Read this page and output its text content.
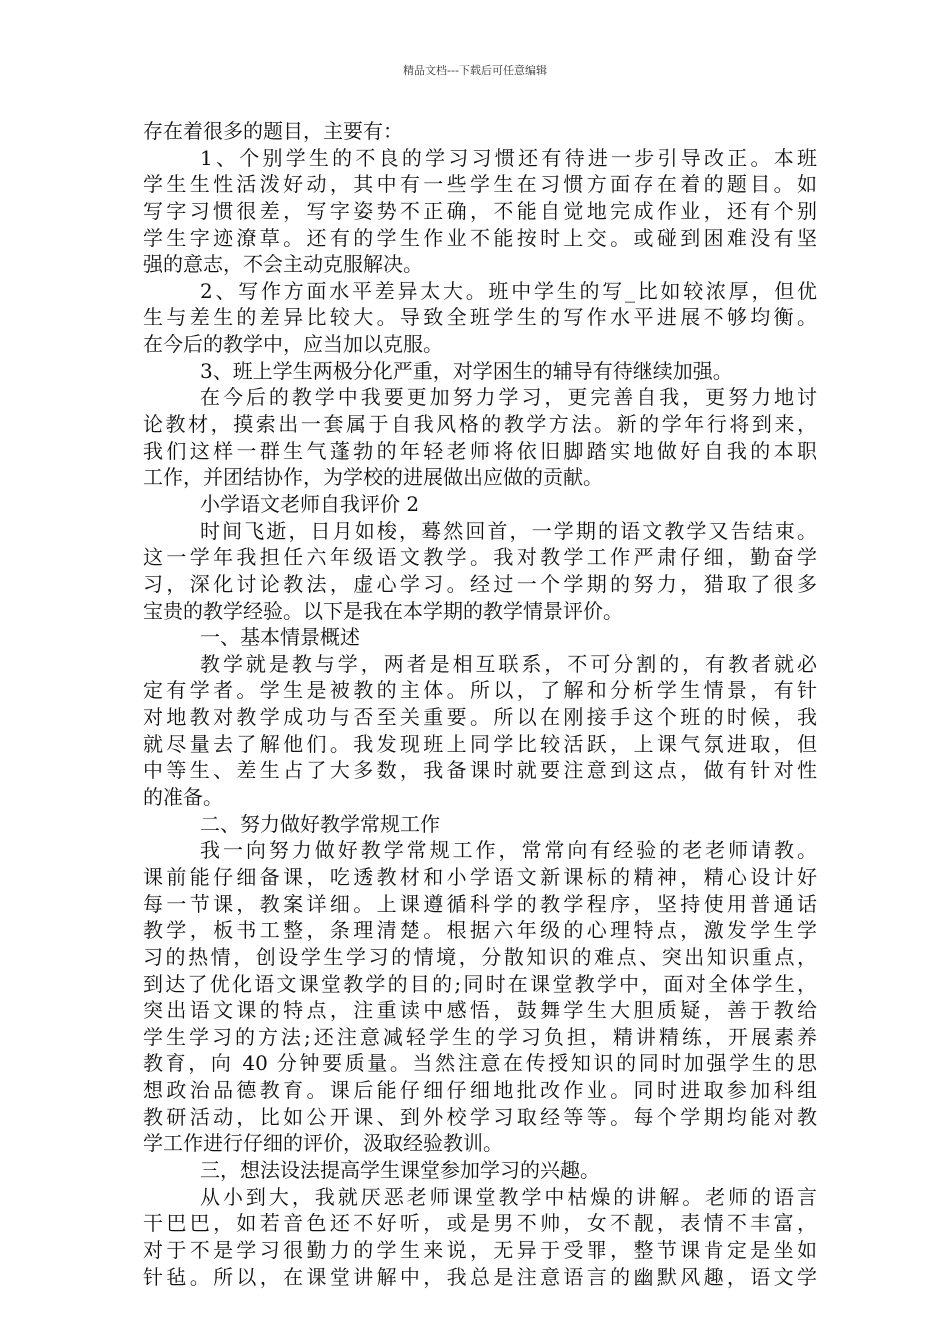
精品文档---下载后可任意编辑
存在着很多的题目，主要有：
1、个别学生的不良的学习习惯还有待进一步引导改正。本班
学生生性活泼好动，其中有一些学生在习惯方面存在着的题目。如
写字习惯很差，写字姿势不正确，不能自觉地完成作业，还有个别
学生字迹潦草。还有的学生作业不能按时上交。或碰到困难没有坚
强的意志，不会主动克服解决。
2、写作方面水平差异太大。班中学生的写_比如较浓厚，但优
生与差生的差异比较大。导致全班学生的写作水平进展不够均衡。
在今后的教学中，应当加以克服。
3、班上学生两极分化严重，对学困生的辅导有待继续加强。
在今后的教学中我要更加努力学习，更完善自我，更努力地讨
论教材，摸索出一套属于自我风格的教学方法。新的学年行将到来，
我们这样一群生气蓬勃的年轻老师将依旧脚踏实地做好自我的本职
工作，并团结协作，为学校的进展做出应做的贡献。
小学语文老师自我评价 2
时间飞逝，日月如梭，蓦然回首，一学期的语文教学又告结束。
这一学年我担任六年级语文教学。我对教学工作严肃仔细，勤奋学
习，深化讨论教法，虚心学习。经过一个学期的努力，猎取了很多
宝贵的教学经验。以下是我在本学期的教学情景评价。
一、基本情景概述
教学就是教与学，两者是相互联系，不可分割的，有教者就必
定有学者。学生是被教的主体。所以，了解和分析学生情景，有针
对地教对教学成功与否至关重要。所以在刚接手这个班的时候，我
就尽量去了解他们。我发现班上同学比较活跃，上课气氛进取，但
中等生、差生占了大多数，我备课时就要注意到这点，做有针对性
的准备。
二、努力做好教学常规工作
我一向努力做好教学常规工作，常常向有经验的老老师请教。
课前能仔细备课，吃透教材和小学语文新课标的精神，精心设计好
每一节课，教案详细。上课遵循科学的教学程序，坚持使用普通话
教学，板书工整，条理清楚。根据六年级的心理特点，激发学生学
习的热情，创设学生学习的情境，分散知识的难点、突出知识重点，
到达了优化语文课堂教学的目的;同时在课堂教学中，面对全体学生，
突出语文课的特点，注重读中感悟，鼓舞学生大胆质疑，善于教给
学生学习的方法;还注意减轻学生的学习负担，精讲精练，开展素养
教育，向 40 分钟要质量。当然注意在传授知识的同时加强学生的思
想政治品德教育。课后能仔细仔细地批改作业。同时进取参加科组
教研活动，比如公开课、到外校学习取经等等。每个学期均能对教
学工作进行仔细的评价，汲取经验教训。
三，想法设法提高学生课堂参加学习的兴趣。
从小到大，我就厌恶老师课堂教学中枯燥的讲解。老师的语言
干巴巴，如若音色还不好听，或是男不帅，女不靓，表情不丰富，
对于不是学习很勤力的学生来说，无异于受罪，整节课肯定是坐如
针毡。所以，在课堂讲解中，我总是注意语言的幽默风趣，语文学
